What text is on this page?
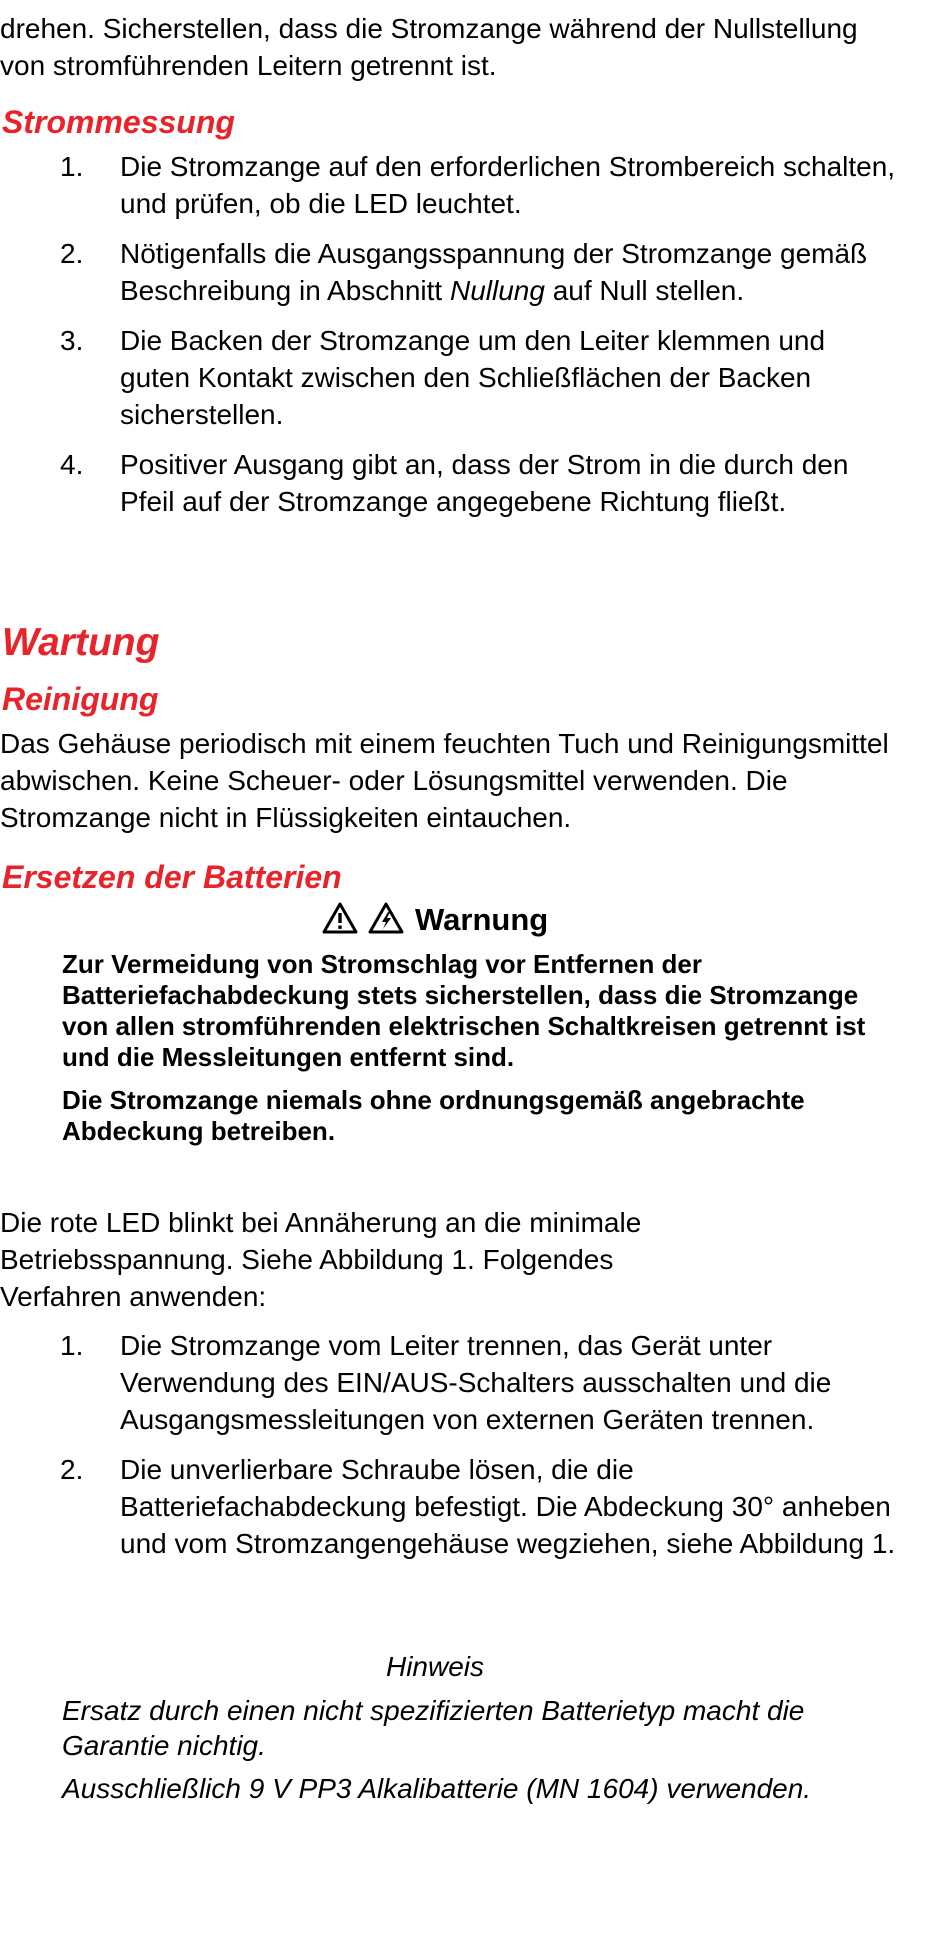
drehen. Sicherstellen, dass die Stromzange während der Nullstellung von stromführenden Leitern getrennt ist.

Strommessung
1. Die Stromzange auf den erforderlichen Strombereich schalten, und prüfen, ob die LED leuchtet.
2. Nötigenfalls die Ausgangsspannung der Stromzange gemäß Beschreibung in Abschnitt Nullung auf Null stellen.
3. Die Backen der Stromzange um den Leiter klemmen und guten Kontakt zwischen den Schließflächen der Backen sicherstellen.
4. Positiver Ausgang gibt an, dass der Strom in die durch den Pfeil auf der Stromzange angegebene Richtung fließt.
Wartung
Reinigung

Das Gehäuse periodisch mit einem feuchten Tuch und Reinigungsmittel abwischen. Keine Scheuer- oder Lösungsmittel verwenden. Die Stromzange nicht in Flüssigkeiten eintauchen.

Ersetzen der Batterien
Warnung

Zur Vermeidung von Stromschlag vor Entfernen der Batteriefachabdeckung stets sicherstellen, dass die Stromzange von allen stromführenden elektrischen Schaltkreisen getrennt ist und die Messleitungen entfernt sind.

Die Stromzange niemals ohne ordnungsgemäß angebrachte Abdeckung betreiben.

Die rote LED blinkt bei Annäherung an die minimale Betriebsspannung. Siehe Abbildung 1. Folgendes Verfahren anwenden:

1. Die Stromzange vom Leiter trennen, das Gerät unter Verwendung des EIN/AUS-Schalters ausschalten und die Ausgangsmessleitungen von externen Geräten trennen.
2. Die unverlierbare Schraube lösen, die die Batteriefachabdeckung befestigt. Die Abdeckung 30° anheben und vom Stromzangengehäuse wegziehen, siehe Abbildung 1.
Hinweis

Ersatz durch einen nicht spezifizierten Batterietyp macht die Garantie nichtig.

Ausschließlich 9 V PP3 Alkalibatterie (MN 1604) verwenden.
